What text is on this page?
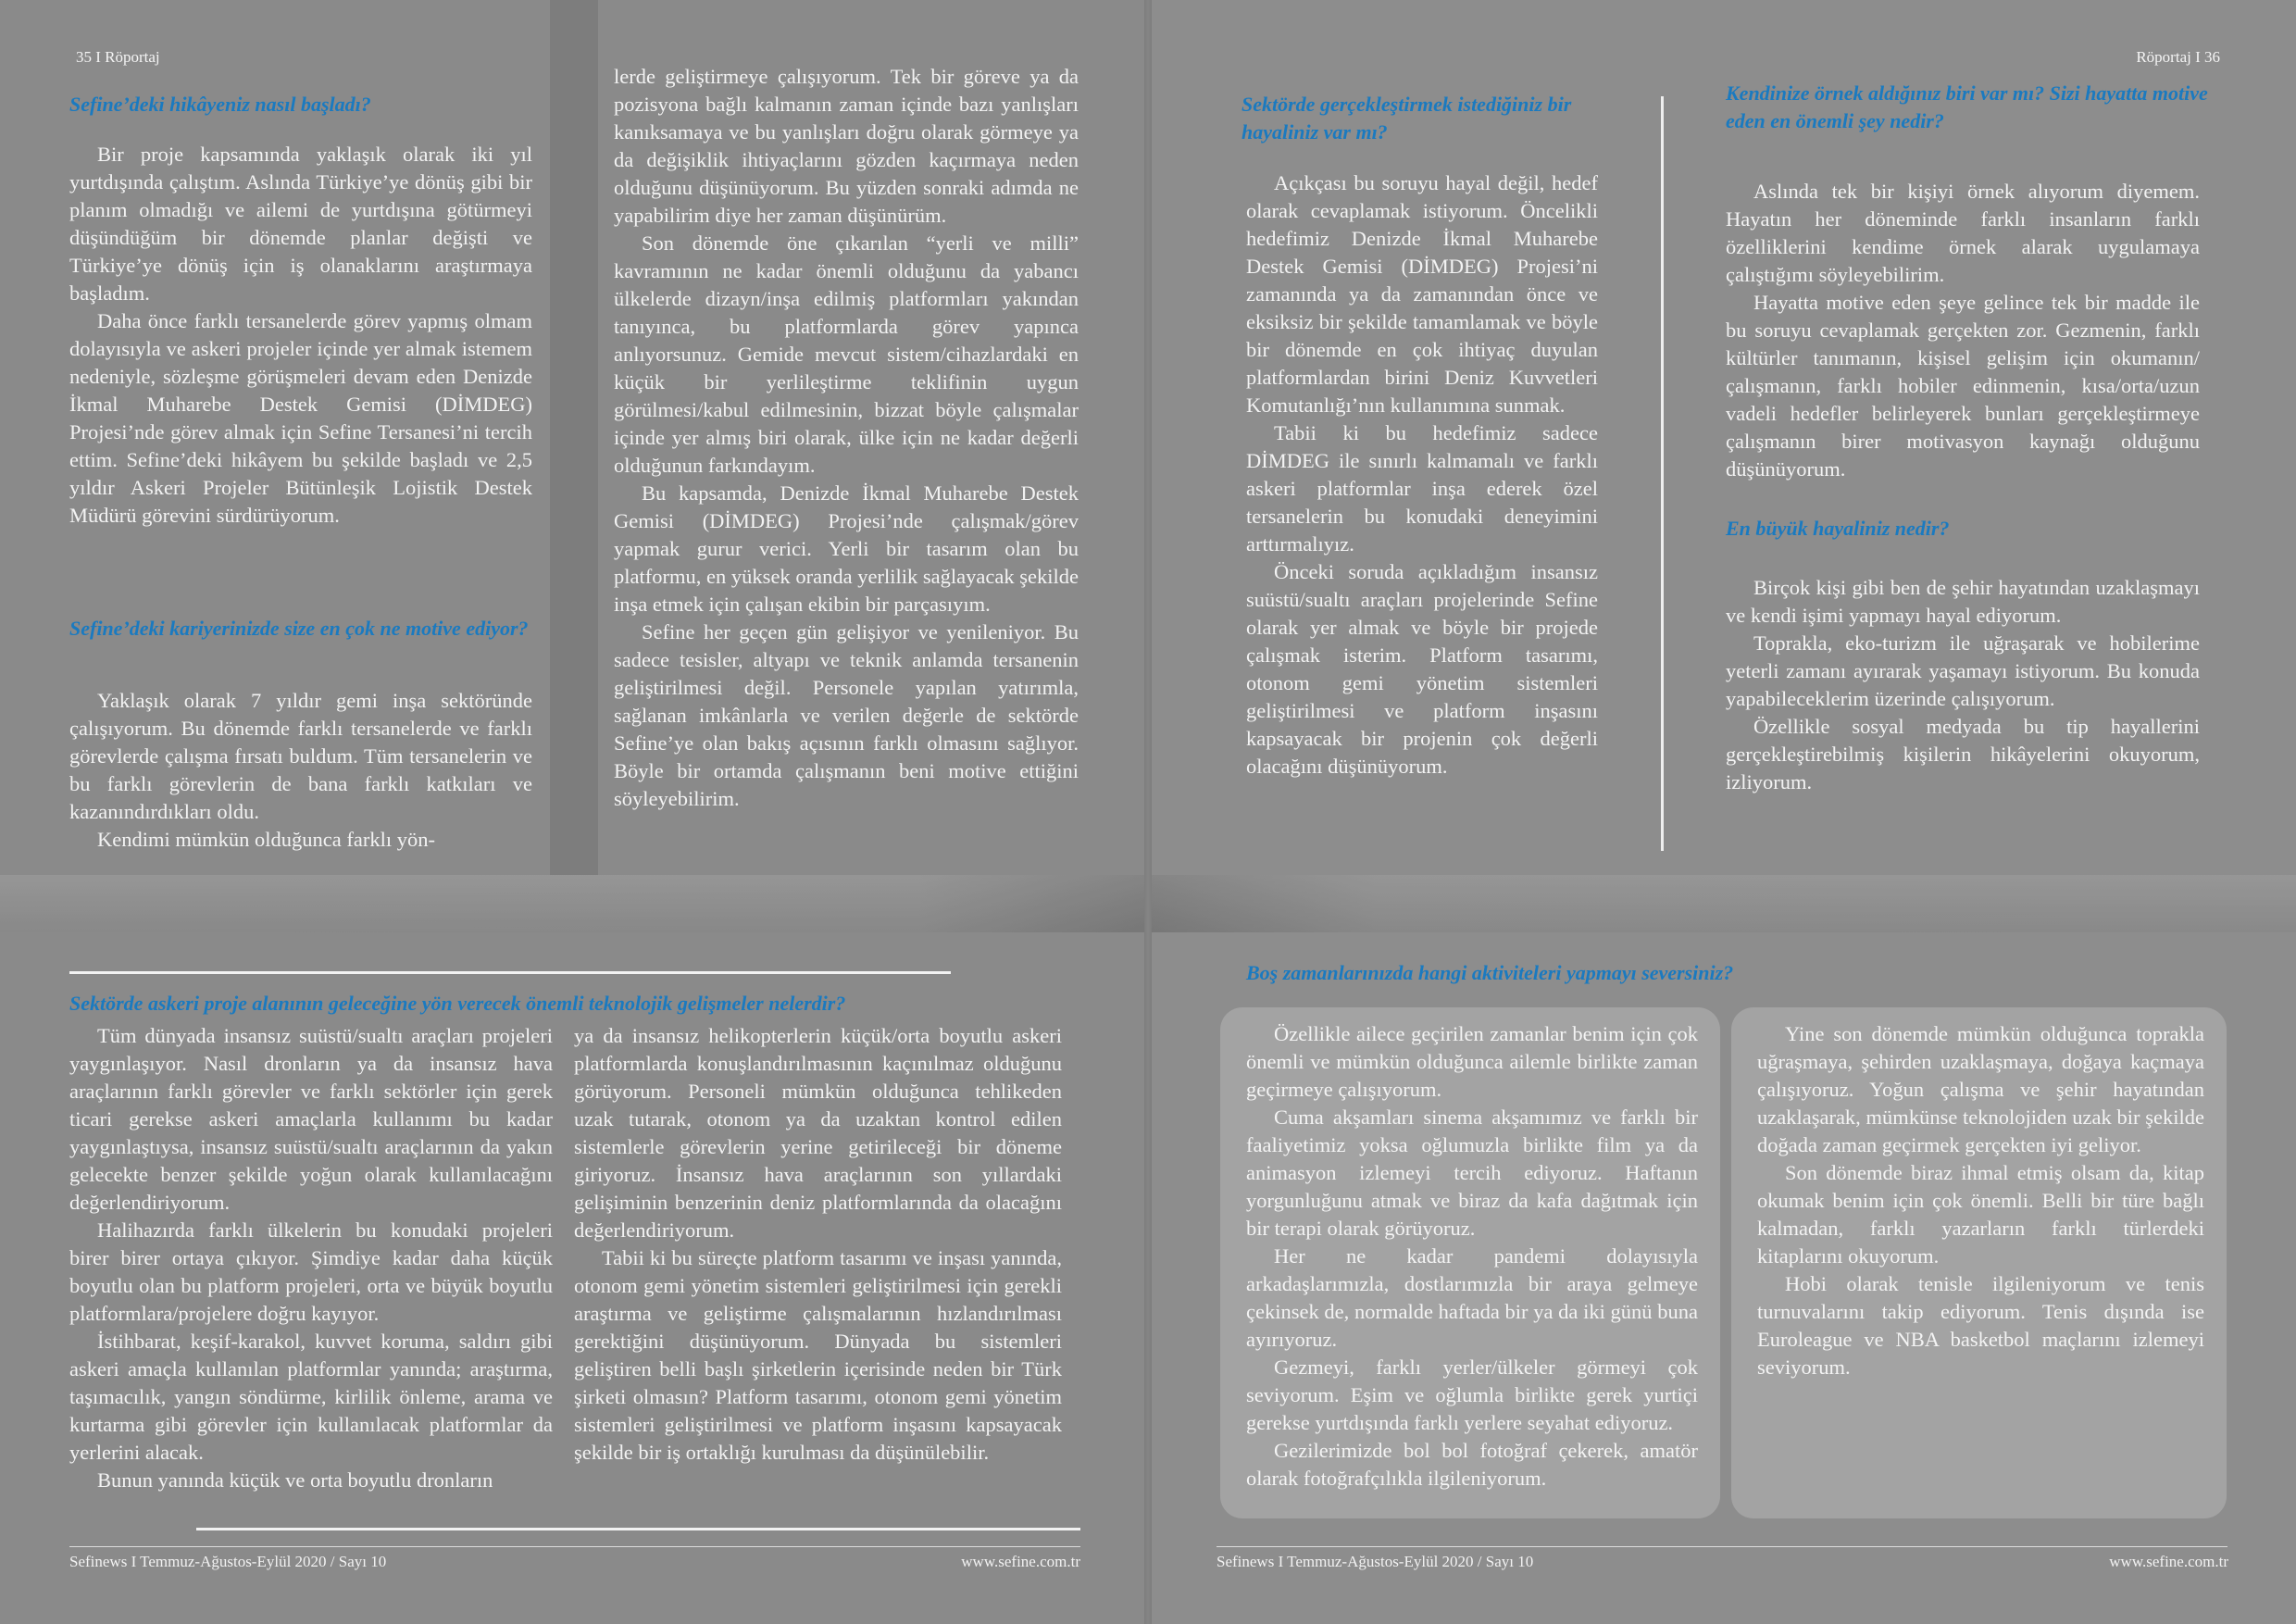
35 I Röportaj	Röportaj I 36
Sefine’deki hikâyeniz nasıl başladı?

Bir proje kapsamında yaklaşık olarak iki yıl yurtdışında çalıştım. Aslında Türkiye’ye dönüş gibi bir planım olmadığı ve ailemi de yurtdışına götürmeyi düşündüğüm bir dönemde planlar değişti ve Türkiye’ye dönüş için iş olanaklarını araştırmaya başladım.

Daha önce farklı tersanelerde görev yapmış olmam dolayısıyla ve askeri projeler içinde yer almak istemem nedeniyle, sözleşme görüşmeleri devam eden Denizde İkmal Muharebe Destek Gemisi (DİMDEG) Projesi’nde görev almak için Sefine Tersanesi’ni tercih ettim. Sefine’deki hikâyem bu şekilde başladı ve 2,5 yıldır Askeri Projeler Bütünleşik Lojistik Destek Müdürü görevini sürdürüyorum.

Sefine’deki kariyerinizde size en çok ne motive ediyor?

Yaklaşık olarak 7 yıldır gemi inşa sektöründe çalışıyorum. Bu dönemde farklı tersanelerde ve farklı görevlerde çalışma fırsatı buldum. Tüm tersanelerin ve bu farklı görevlerin de bana farklı katkıları ve kazanındırdıkları oldu.

Kendimi mümkün olduğunca farklı yön-

lerde geliştirmeye çalışıyorum. Tek bir göreve ya da pozisyona bağlı kalmanın zaman içinde bazı yanlışları kanıksamaya ve bu yanlışları doğru olarak görmeye ya da değişiklik ihtiyaçlarını gözden kaçırmaya neden olduğunu düşünüyorum. Bu yüzden sonraki adımda ne yapabilirim diye her zaman düşünürüm.

Son dönemde öne çıkarılan “yerli ve milli” kavramının ne kadar önemli olduğunu da yabancı ülkelerde dizayn/inşa edilmiş platformları yakından tanıyınca, bu platformlarda görev yapınca anlıyorsunuz. Gemide mevcut sistem/cihazlardaki en küçük bir yerlileştirme teklifinin uygun görülmesi/kabul edilmesinin, bizzat böyle çalışmalar içinde yer almış biri olarak, ülke için ne kadar değerli olduğunun farkındayım.

Bu kapsamda, Denizde İkmal Muharebe Destek Gemisi (DİMDEG) Projesi’nde çalışmak/görev yapmak gurur verici. Yerli bir tasarım olan bu platformu, en yüksek oranda yerlilik sağlayacak şekilde inşa etmek için çalışan ekibin bir parçasıyım.

Sefine her geçen gün gelişiyor ve yenileniyor. Bu sadece tesisler, altyapı ve teknik anlamda tersanenin geliştirilmesi değil. Personele yapılan yatırımla, sağlanan imkânlarla ve verilen değerle de sektörde Sefine’ye olan bakış açısının farklı olmasını sağlıyor. Böyle bir ortamda çalışmanın beni motive ettiğini söyleyebilirim.

Sektörde askeri proje alanının geleceğine yön verecek önemli teknolojik gelişmeler nelerdir?

Tüm dünyada insansız suüstü/sualtı araçları projeleri yaygınlaşıyor. Nasıl dronların ya da insansız hava araçlarının farklı görevler ve farklı sektörler için gerek ticari gerekse askeri amaçlarla kullanımı bu kadar yaygınlaştıysa, insansız suüstü/sualtı araçlarının da yakın gelecekte benzer şekilde yoğun olarak kullanılacağını değerlendiriyorum.

Halihazırda farklı ülkelerin bu konudaki projeleri birer birer ortaya çıkıyor. Şimdiye kadar daha küçük boyutlu olan bu platform projeleri, orta ve büyük boyutlu platformlara/projelere doğru kayıyor.

İstihbarat, keşif-karakol, kuvvet koruma, saldırı gibi askeri amaçla kullanılan platformlar yanında; araştırma, taşımacılık, yangın söndürme, kirlilik önleme, arama ve kurtarma gibi görevler için kullanılacak platformlar da yerlerini alacak.

Bunun yanında küçük ve orta boyutlu dronların

ya da insansız helikopterlerin küçük/orta boyutlu askeri platformlarda konuşlandırılmasının kaçınılmaz olduğunu görüyorum. Personeli mümkün olduğunca tehlikeden uzak tutarak, otonom ya da uzaktan kontrol edilen sistemlerle görevlerin yerine getirileceği bir döneme giriyoruz. İnsansız hava araçlarının son yıllardaki gelişiminin benzerinin deniz platformlarında da olacağını değerlendiriyorum.

Tabii ki bu süreçte platform tasarımı ve inşası yanında, otonom gemi yönetim sistemleri geliştirilmesi için gerekli araştırma ve geliştirme çalışmalarının hızlandırılması gerektiğini düşünüyorum. Dünyada bu sistemleri geliştiren belli başlı şirketlerin içerisinde neden bir Türk şirketi olmasın? Platform tasarımı, otonom gemi yönetim sistemleri geliştirilmesi ve platform inşasını kapsayacak şekilde bir iş ortaklığı kurulması da düşünülebilir.

Sektörde gerçekleştirmek istediğiniz bir hayaliniz var mı?

Açıkçası bu soruyu hayal değil, hedef olarak cevaplamak istiyorum. Öncelikli hedefimiz Denizde İkmal Muharebe Destek Gemisi (DİMDEG) Projesi’ni zamanında ya da zamanından önce ve eksiksiz bir şekilde tamamlamak ve böyle bir dönemde en çok ihtiyaç duyulan platformlardan birini Deniz Kuvvetleri Komutanlığı’nın kullanımına sunmak.

Tabii ki bu hedefimiz sadece DİMDEG ile sınırlı kalmamalı ve farklı askeri platformlar inşa ederek özel tersanelerin bu konudaki deneyimini arttırmalıyız.

Önceki soruda açıkladığım insansız suüstü/sualtı araçları projelerinde Sefine olarak yer almak ve böyle bir projede çalışmak isterim. Platform tasarımı, otonom gemi yönetim sistemleri geliştirilmesi ve platform inşasını kapsayacak bir projenin çok değerli olacağını düşünüyorum.

Kendinize örnek aldığınız biri var mı? Sizi hayatta motive eden en önemli şey nedir?

Aslında tek bir kişiyi örnek alıyorum diyemem. Hayatın her döneminde farklı insanların farklı özelliklerini kendime örnek alarak uygulamaya çalıştığımı söyleyebilirim.

Hayatta motive eden şeye gelince tek bir madde ile bu soruyu cevaplamak gerçekten zor. Gezmenin, farklı kültürler tanımanın, kişisel gelişim için okumanın/çalışmanın, farklı hobiler edinmenin, kısa/orta/uzun vadeli hedefler belirleyerek bunları gerçekleştirmeye çalışmanın birer motivasyon kaynağı olduğunu düşünüyorum.

En büyük hayaliniz nedir?

Birçok kişi gibi ben de şehir hayatından uzaklaşmayı ve kendi işimi yapmayı hayal ediyorum.

Toprakla, eko-turizm ile uğraşarak ve hobilerime yeterli zamanı ayırarak yaşamayı istiyorum. Bu konuda yapabileceklerim üzerinde çalışıyorum.

Özellikle sosyal medyada bu tip hayallerini gerçekleştirebilmiş kişilerin hikâyelerini okuyorum, izliyorum.

Boş zamanlarınızda hangi aktiviteleri yapmayı seversiniz?

Özellikle ailece geçirilen zamanlar benim için çok önemli ve mümkün olduğunca ailemle birlikte zaman geçirmeye çalışıyorum.

Cuma akşamları sinema akşamımız ve farklı bir faaliyetimiz yoksa oğlumuzla birlikte film ya da animasyon izlemeyi tercih ediyoruz. Haftanın yorgunluğunu atmak ve biraz da kafa dağıtmak için bir terapi olarak görüyoruz.

Her ne kadar pandemi dolayısıyla arkadaşlarımızla, dostlarımızla bir araya gelmeye çekinsek de, normalde haftada bir ya da iki günü buna ayırıyoruz.

Gezmeyi, farklı yerler/ülkeler görmeyi çok seviyorum. Eşim ve oğlumla birlikte gerek yurtiçi gerekse yurtdışında farklı yerlere seyahat ediyoruz.

Gezilerimizde bol bol fotoğraf çekerek, amatör olarak fotoğrafçılıkla ilgileniyorum.

Yine son dönemde mümkün olduğunca toprakla uğraşmaya, şehirden uzaklaşmaya, doğaya kaçmaya çalışıyoruz. Yoğun çalışma ve şehir hayatından uzaklaşarak, mümkünse teknolojiden uzak bir şekilde doğada zaman geçirmek gerçekten iyi geliyor.

Son dönemde biraz ihmal etmiş olsam da, kitap okumak benim için çok önemli. Belli bir türe bağlı kalmadan, farklı yazarların farklı türlerdeki kitaplarını okuyorum.

Hobi olarak tenisle ilgileniyorum ve tenis turnuvalarını takip ediyorum. Tenis dışında ise Euroleague ve NBA basketbol maçlarını izlemeyi seviyorum.

Sefinews I Temmuz-Ağustos-Eylül 2020 / Sayı 10	www.sefine.com.tr	Sefinews I Temmuz-Ağustos-Eylül 2020 / Sayı 10	www.sefine.com.tr
